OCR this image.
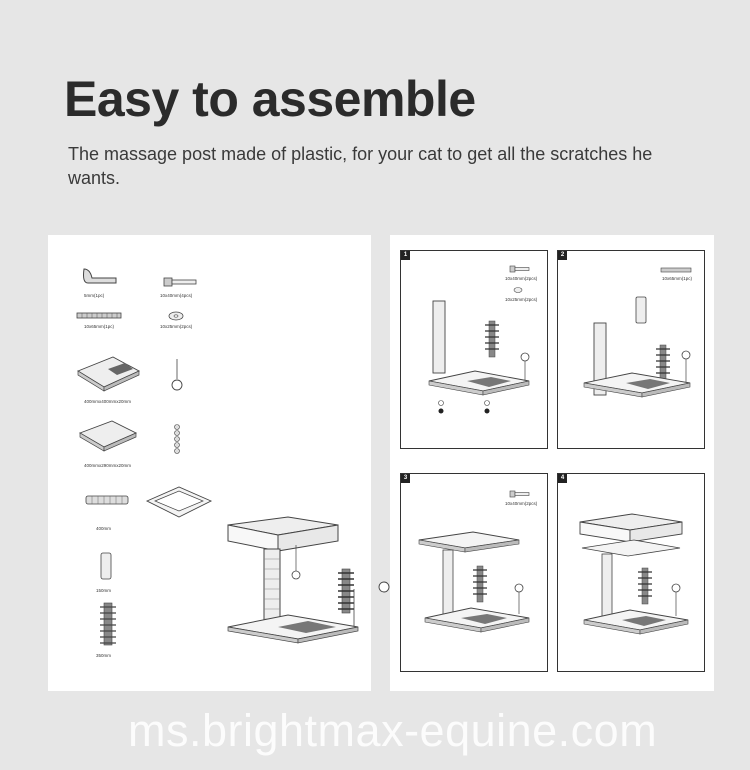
Easy to assemble

The massage post made of plastic, for your cat to get all the scratches he wants.

5mm(1pc)	10x40mm(4pcs)
10x65mm(1pc)	10x25mm(2pcs)
400mmx400mmx20mm
400mmx290mmx20mm
400mm
150mm
350mm
1
10x40mm(2pcs)
10x25mm(2pcs)
2
10x65mm(1pc)
3
10x40mm(2pcs)
4
ms.brightmax-equine.com
